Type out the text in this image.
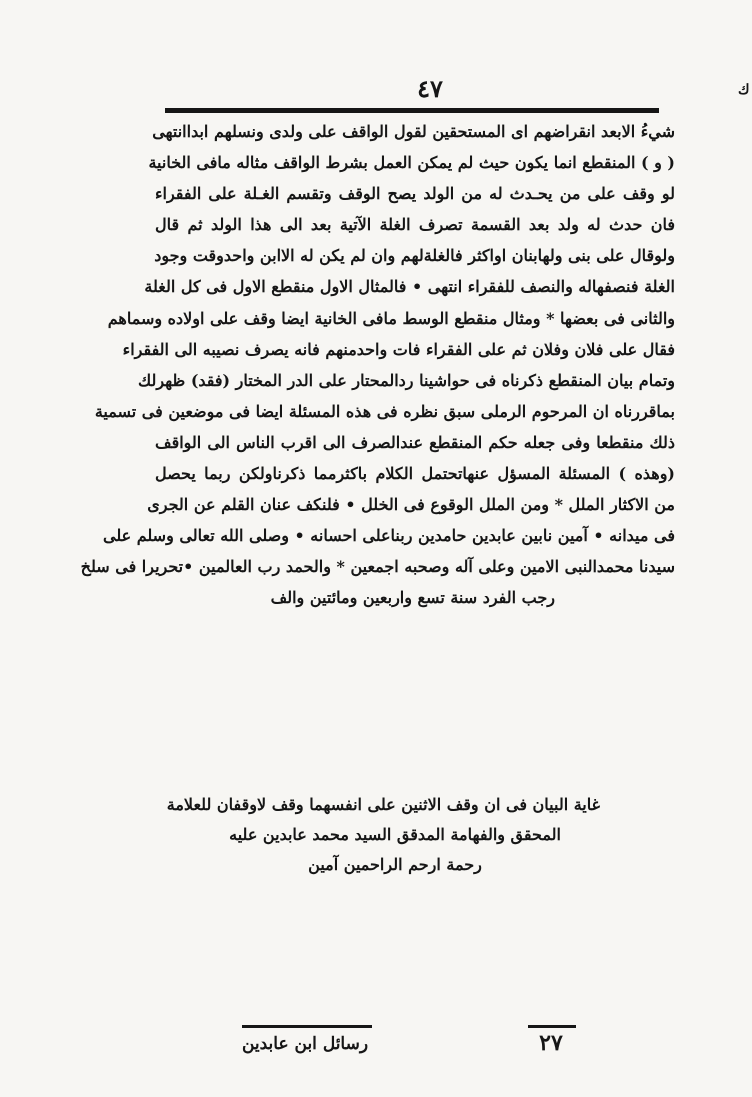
٤٧	ﻙ
شيءُ الابعد انقراضهم اى المستحقين لقول الواقف على ولدى ونسلهم ابداانتهى
( و ) المنقطع انما يكون حيث لم يمكن العمل بشرط الواقف مثاله مافى الخانية
لو وقف على من يحـدث له من الولد يصح الوقف وتقسم الغـلة على الفقراء
فان حدث له ولد بعد القسمة تصرف الغلة الآتية بعد الى هذا الولد ثم قال
ولوقال على بنى ولهابنان اواكثر فالغلةلهم وان لم يكن له الاابن واحدوقت وجود
الغلة فنصفهاله والنصف للفقراء انتهى • فالمثال الاول منقطع الاول فى كل الغلة
والثانى فى بعضها * ومثال منقطع الوسط مافى الخانية ايضا وقف على اولاده وسماهم
فقال على فلان وفلان ثم على الفقراء فات واحدمنهم فانه يصرف نصيبه الى الفقراء
وتمام بيان المنقطع ذكرناه فى حواشينا ردالمحتار على الدر المختار (فقد) ظهرلك
بماقررناه ان المرحوم الرملى سبق نظره فى هذه المسئلة ايضا فى موضعين فى تسمية
ذلك منقطعا وفى جعله حكم المنقطع عندالصرف الى اقرب الناس الى الواقف
(وهذه ) المسئلة المسؤل عنهاتحتمل الكلام باكثرمما ذكرناولكن ربما يحصل
من الاكثار الملل * ومن الملل الوقوع فى الخلل • فلنكف عنان القلم عن الجرى
فى ميدانه • آمين نابين عابدين حامدين ربناعلى احسانه • وصلى الله تعالى وسلم على
سيدنا محمدالنبى الامين وعلى آله وصحبه اجمعين * والحمد رب العالمين •تحريرا فى سلخ
رجب الفرد سنة تسع واربعين ومائتين والف
غاية البيان فى ان وقف الاثنين على انفسهما وقف لاوقفان للعلامة
المحقق والفهامة المدقق السيد محمد عابدين عليه
رحمة ارحم الراحمين آمين
رسائل ابن عابدين	٢٧
